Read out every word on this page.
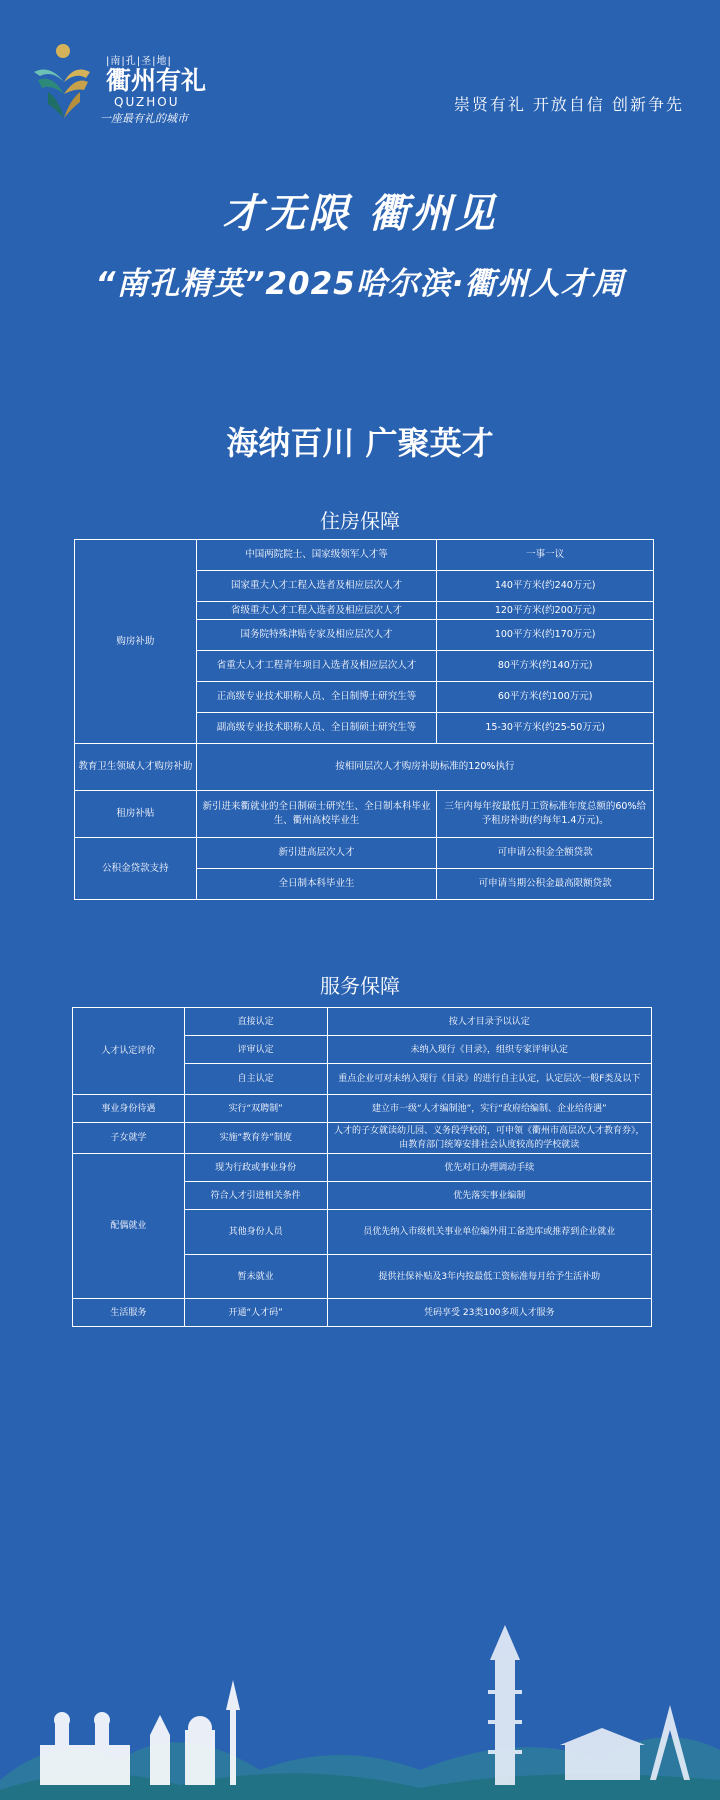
|南|孔|圣|地|
衢州有礼
QUZHOU
一座最有礼的城市
崇贤有礼 开放自信 创新争先
才无限 衢州见
“南孔精英”2025哈尔滨·衢州人才周
海纳百川 广聚英才
住房保障
购房补助	中国两院院士、国家级领军人才等	一事一议
	国家重大人才工程入选者及相应层次人才	140平方米(约240万元)
	省级重大人才工程入选者及相应层次人才	120平方米(约200万元)
	国务院特殊津贴专家及相应层次人才	100平方米(约170万元)
	省重大人才工程青年项目入选者及相应层次人才	80平方米(约140万元)
	正高级专业技术职称人员、全日制博士研究生等	60平方米(约100万元)
	副高级专业技术职称人员、全日制硕士研究生等	15-30平方米(约25-50万元)
教育卫生领域人才购房补助	按相同层次人才购房补助标准的120%执行	
租房补贴	新引进来衢就业的全日制硕士研究生、全日制本科毕业生、衢州高校毕业生	三年内每年按最低月工资标准年度总额的60%给予租房补助(约每年1.4万元)。
公积金贷款支持	新引进高层次人才	可申请公积金全额贷款
	全日制本科毕业生	可申请当期公积金最高限额贷款
服务保障
人才认定评价	直接认定	按人才目录予以认定
	评审认定	未纳入现行《目录》，组织专家评审认定
	自主认定	重点企业可对未纳入现行《目录》的进行自主认定，认定层次一般F类及以下
事业身份待遇	实行“双聘制”	建立市一级“人才编制池”，实行“政府给编制、企业给待遇”
子女就学	实施“教育券”制度	人才的子女就读幼儿园、义务段学校的，可申领《衢州市高层次人才教育券》，由教育部门统筹安排社会认度较高的学校就读
配偶就业	现为行政或事业身份	优先对口办理调动手续
	符合人才引进相关条件	优先落实事业编制
	其他身份人员	员优先纳入市级机关事业单位编外用工备选库或推荐到企业就业
	暂未就业	提供社保补贴及3年内按最低工资标准每月给予生活补助
生活服务	开通“人才码”	凭码享受 23类100多项人才服务
